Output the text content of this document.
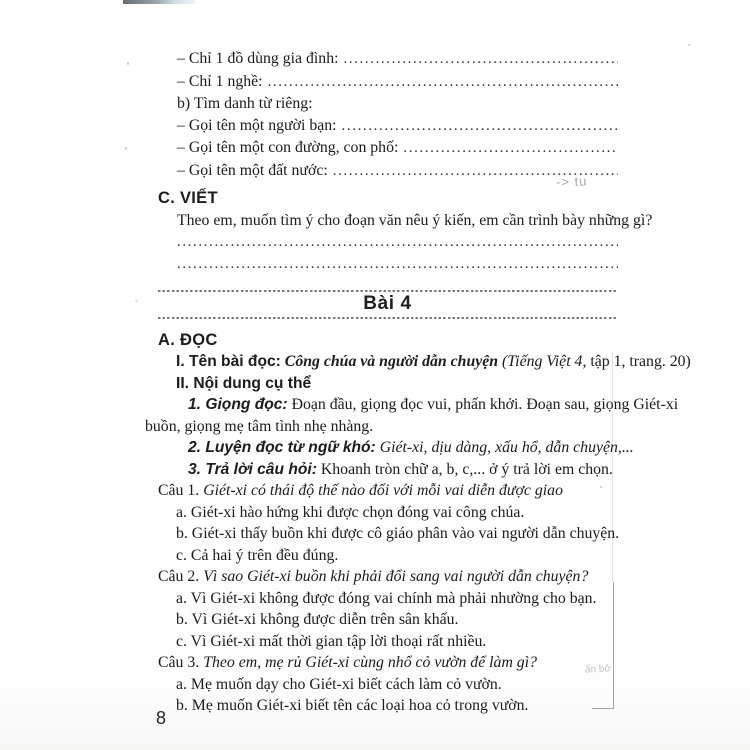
– Chỉ 1 đồ dùng gia đình:
.....
– Chỉ 1 nghề:
.....
b) Tìm danh từ riêng:
– Gọi tên một người bạn:
.....
– Gọi tên một con đường, con phố:
.....
– Gọi tên một đất nước:
.....
C. VIẾT
Theo em, muốn tìm ý cho đoạn văn nêu ý kiến, em cần trình bày những gì?
.....
.....
Bài 4
A. ĐỌC
I. Tên bài đọc: Công chúa và người dẫn chuyện (Tiếng Việt 4, tập 1, trang. 20)
II. Nội dung cụ thể
1. Giọng đọc: Đoạn đầu, giọng đọc vui, phấn khởi. Đoạn sau, giọng Giét-xi
buồn, giọng mẹ tâm tình nhẹ nhàng.
2. Luyện đọc từ ngữ khó: Giét-xi, dịu dàng, xấu hổ, dẫn chuyện,...
3. Trả lời câu hỏi: Khoanh tròn chữ a, b, c,... ở ý trả lời em chọn.
Câu 1. Giét-xi có thái độ thế nào đối với mỗi vai diễn được giao
a. Giét-xi hào hứng khi được chọn đóng vai công chúa.
b. Giét-xi thấy buồn khi được cô giáo phân vào vai người dẫn chuyện.
c. Cả hai ý trên đều đúng.
Câu 2. Vì sao Giét-xi buồn khi phải đổi sang vai người dẫn chuyện?
a. Vì Giét-xi không được đóng vai chính mà phải nhường cho bạn.
b. Vì Giét-xi không được diễn trên sân khấu.
c. Vì Giét-xi mất thời gian tập lời thoại rất nhiều.
Câu 3. Theo em, mẹ rủ Giét-xi cùng nhổ cỏ vườn để làm gì?
a. Mẹ muốn dạy cho Giét-xi biết cách làm cỏ vườn.
b. Mẹ muốn Giét-xi biết tên các loại hoa cỏ trong vườn.
8
-> tu
ẩn bở
